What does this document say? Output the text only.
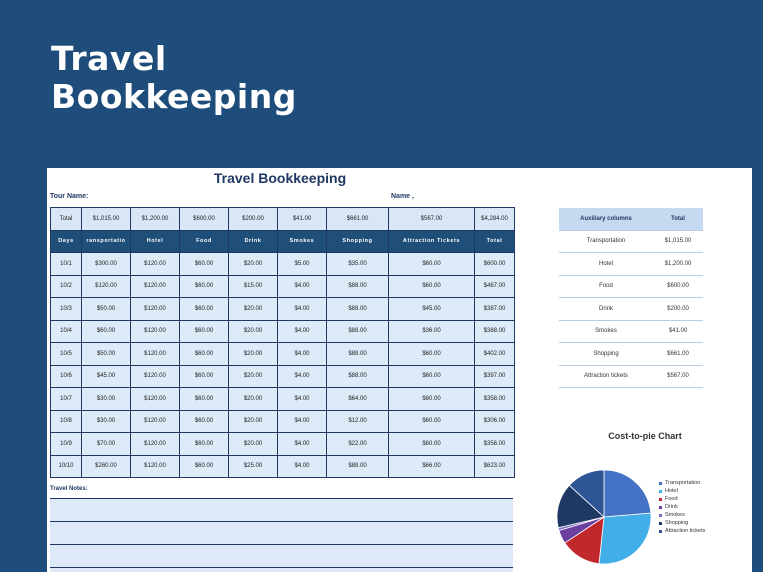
Travel
Bookkeeping
Travel Bookkeeping
Tour Name:	Name ,
Total	$1,015.00	$1,200.00	$600.00	$200.00	$41.00	$661.00	$567.00	$4,284.00
Days	ransportatio	Hotel	Food	Drink	Smokes	Shopping	Attraction Tickets	Total
10/1	$300.00	$120.00	$60.00	$20.00	$5.00	$35.00	$60.00	$600.00
10/2	$120.00	$120.00	$60.00	$15.00	$4.00	$88.00	$60.00	$467.00
10/3	$50.00	$120.00	$60.00	$20.00	$4.00	$88.00	$45.00	$387.00
10/4	$60.00	$120.00	$60.00	$20.00	$4.00	$88.00	$36.00	$388.00
10/5	$50.00	$120.00	$60.00	$20.00	$4.00	$88.00	$60.00	$402.00
10/6	$45.00	$120.00	$60.00	$20.00	$4.00	$88.00	$60.00	$397.00
10/7	$30.00	$120.00	$60.00	$20.00	$4.00	$64.00	$60.00	$358.00
10/8	$30.00	$120.00	$60.00	$20.00	$4.00	$12.00	$60.00	$306.00
10/9	$70.00	$120.00	$60.00	$20.00	$4.00	$22.00	$60.00	$356.00
10/10	$260.00	$120.00	$60.00	$25.00	$4.00	$88.00	$66.00	$623.00
Travel Notes:
Auxiliary columns	Total
Transportation	$1,015.00
Hotel	$1,200.00
Food	$600.00
Drink	$200.00
Smokes	$41.00
Shopping	$661.00
Attraction tickets	$567.00
Cost-to-pie Chart
Transportation
Hotel
Food
Drink
Smokes
Shopping
Attraction tickets
